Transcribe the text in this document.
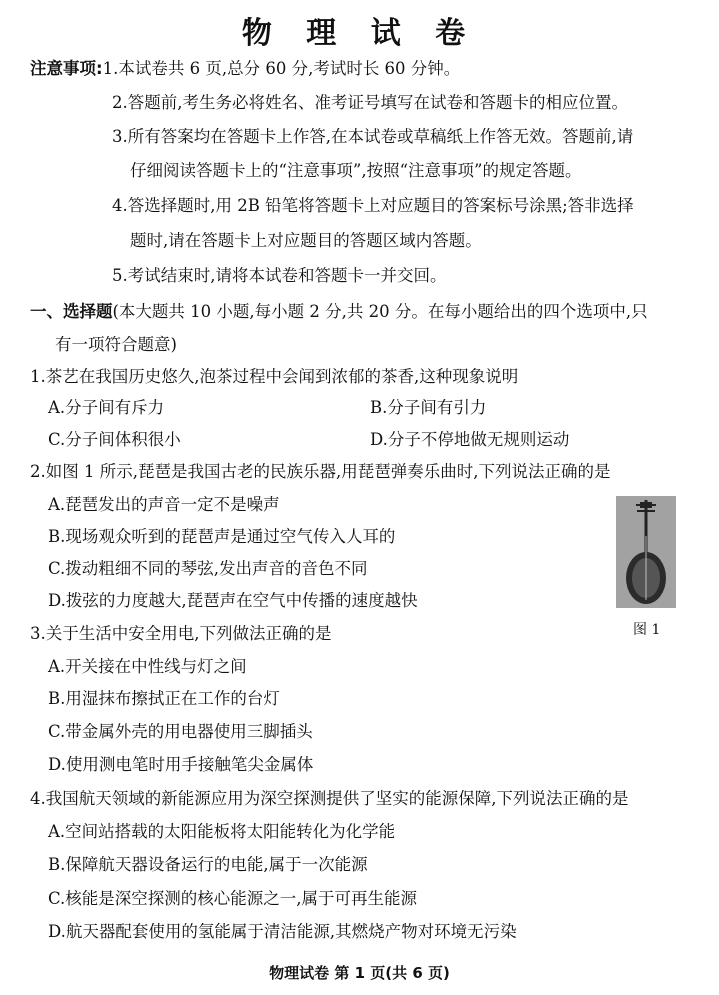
物 理 试 卷
注意事项:1.本试卷共 6 页,总分 60 分,考试时长 60 分钟。
2.答题前,考生务必将姓名、准考证号填写在试卷和答题卡的相应位置。
3.所有答案均在答题卡上作答,在本试卷或草稿纸上作答无效。答题前,请
仔细阅读答题卡上的“注意事项”,按照“注意事项”的规定答题。
4.答选择题时,用 2B 铅笔将答题卡上对应题目的答案标号涂黑;答非选择
题时,请在答题卡上对应题目的答题区域内答题。
5.考试结束时,请将本试卷和答题卡一并交回。
一、选择题(本大题共 10 小题,每小题 2 分,共 20 分。在每小题给出的四个选项中,只
有一项符合题意)
1.茶艺在我国历史悠久,泡茶过程中会闻到浓郁的茶香,这种现象说明
A.分子间有斥力	B.分子间有引力
C.分子间体积很小	D.分子不停地做无规则运动
2.如图 1 所示,琵琶是我国古老的民族乐器,用琵琶弹奏乐曲时,下列说法正确的是
A.琵琶发出的声音一定不是噪声
B.现场观众听到的琵琶声是通过空气传入人耳的
C.拨动粗细不同的琴弦,发出声音的音色不同
D.拨弦的力度越大,琵琶声在空气中传播的速度越快
图 1
3.关于生活中安全用电,下列做法正确的是
A.开关接在中性线与灯之间
B.用湿抹布擦拭正在工作的台灯
C.带金属外壳的用电器使用三脚插头
D.使用测电笔时用手接触笔尖金属体
4.我国航天领域的新能源应用为深空探测提供了坚实的能源保障,下列说法正确的是
A.空间站搭载的太阳能板将太阳能转化为化学能
B.保障航天器设备运行的电能,属于一次能源
C.核能是深空探测的核心能源之一,属于可再生能源
D.航天器配套使用的氢能属于清洁能源,其燃烧产物对环境无污染
物理试卷 第 1 页(共 6 页)
